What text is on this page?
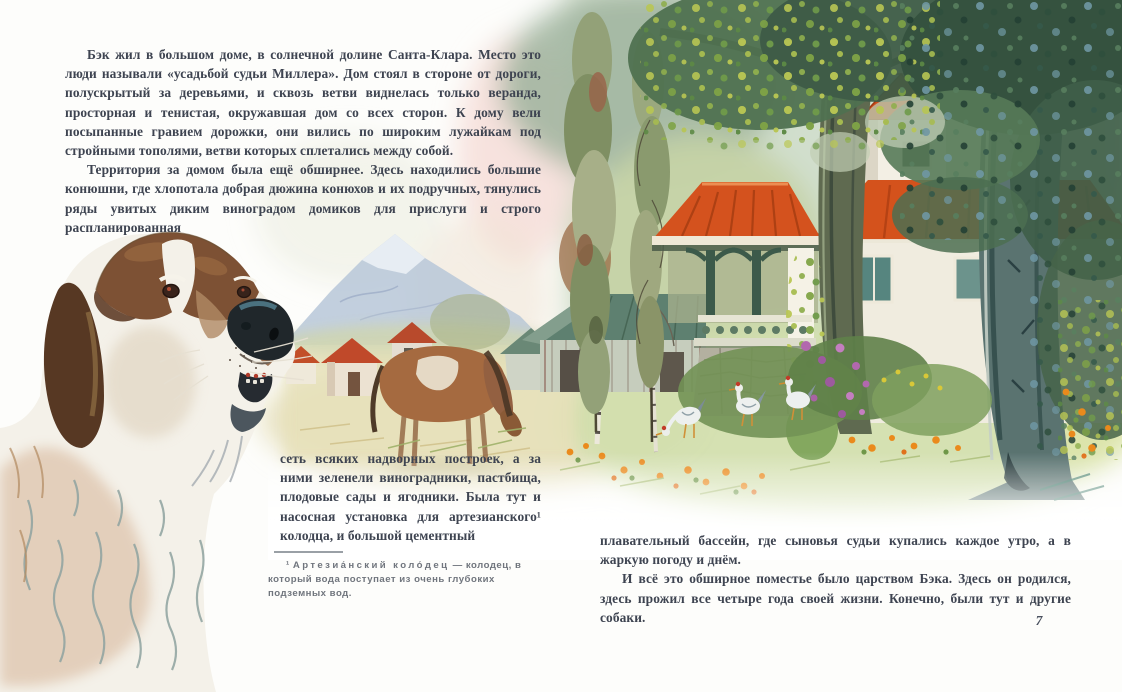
Бэк жил в большом доме, в солнечной долине Санта-Клара. Место это люди называли «усадьбой судьи Миллера». Дом стоял в стороне от дороги, полускрытый за деревьями, и сквозь ветви виднелась только веранда, просторная и тенистая, окружавшая дом со всех сторон. К дому вели посыпанные гравием дорожки, они вились по широким лужайкам под стройными тополями, ветви которых сплетались между собой.

Территория за домом была ещё обширнее. Здесь находились большие конюшни, где хлопотала добрая дюжина конюхов и их подручных, тянулись ряды увитых диким виноградом домиков для прислуги и строго распланированная

сеть всяких надворных построек, а за ними зеленели виноградники, пастбища, плодовые сады и ягодники. Была тут и насосная установка для артезианского¹ колодца, и большой цементный

¹ Артезиа́нский коло́дец — колодец, в который вода поступает из очень глубоких подземных вод.

плавательный бассейн, где сыновья судьи купались каждое утро, а в жаркую погоду и днём.

И всё это обширное поместье было царством Бэка. Здесь он родился, здесь прожил все четыре года своей жизни. Конечно, были тут и другие собаки.	7
